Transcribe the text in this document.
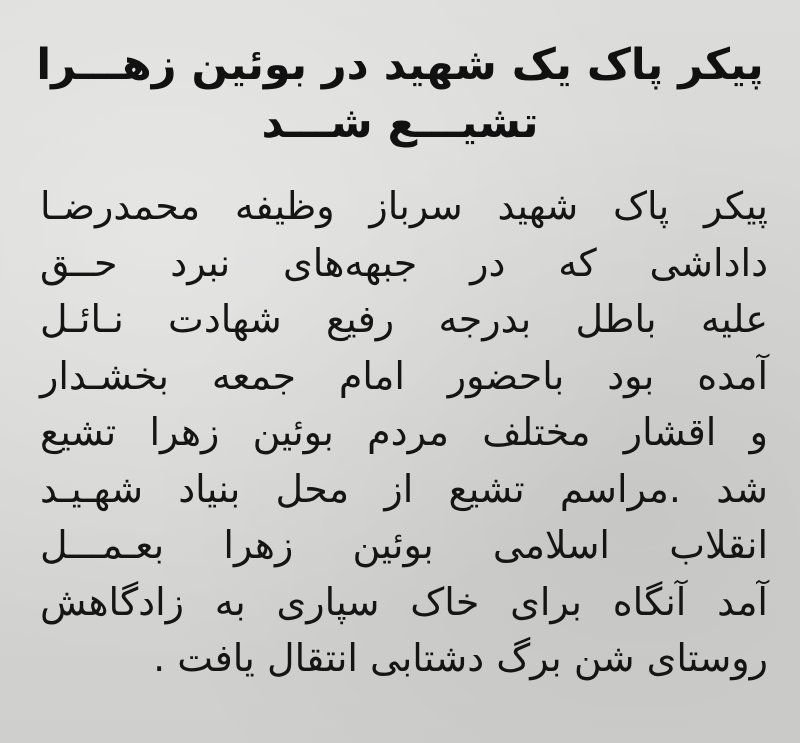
پیکر پاک یک شهید در بوئین زهـــرا
تشیـــع شـــد
پیکر پاک شهید سرباز وظیفه محمدرضـا
داداشی که در جبهه‌های نبرد حــق
علیه باطل بدرجه رفیع شهادت نـائـل
آمده بود باحضور امام جمعه بخشـدار
و اقشار مختلف مردم بوئین زهرا تشیع
شد .مراسم تشیع از محل بنیاد شهـیـد
انقلاب اسلامی بوئین زهرا بعـمـــل
آمد آنگاه برای خاک سپاری به زادگاهش
روستای شن برگ دشتابی انتقال یافت .
